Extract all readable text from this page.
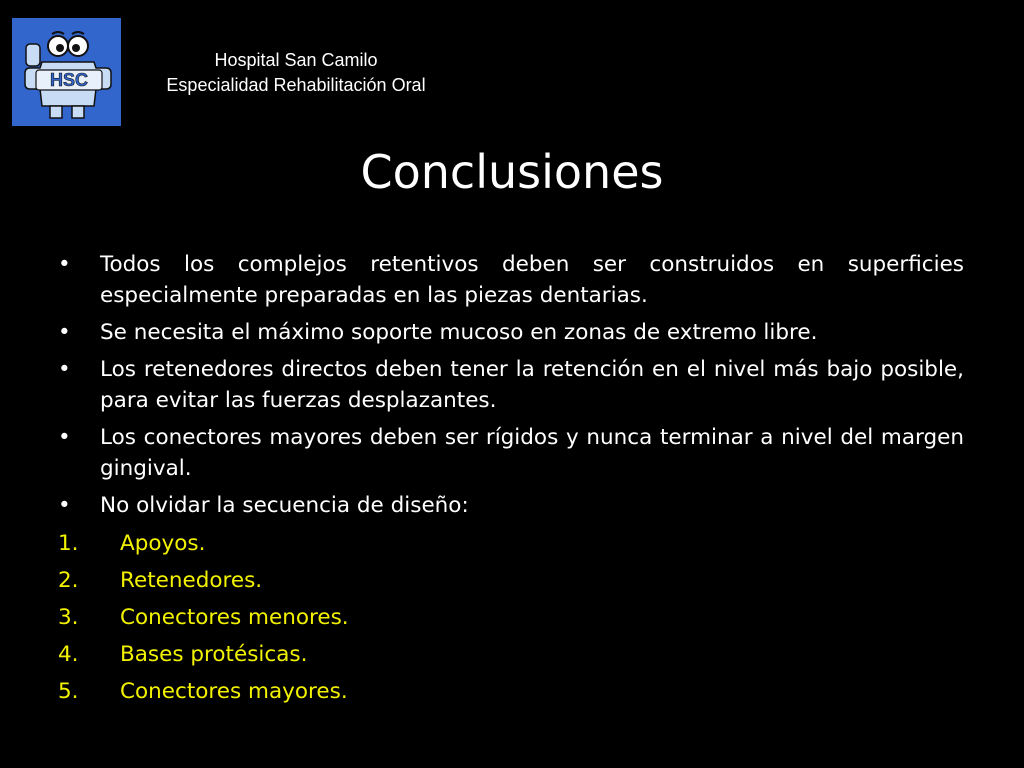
HSC
Hospital San Camilo
Especialidad Rehabilitación Oral
Conclusiones
•	Todos los complejos retentivos deben ser construidos en superficies especialmente preparadas en las piezas dentarias.
•	Se necesita el máximo soporte mucoso en zonas de extremo libre.
•	Los retenedores directos deben tener la retención en el nivel más bajo posible, para evitar las fuerzas desplazantes.
•	Los conectores mayores deben ser rígidos y nunca terminar a nivel del margen gingival.
•	No olvidar la secuencia de diseño:
1.	Apoyos.
2.	Retenedores.
3.	Conectores menores.
4.	Bases protésicas.
5.	Conectores mayores.
